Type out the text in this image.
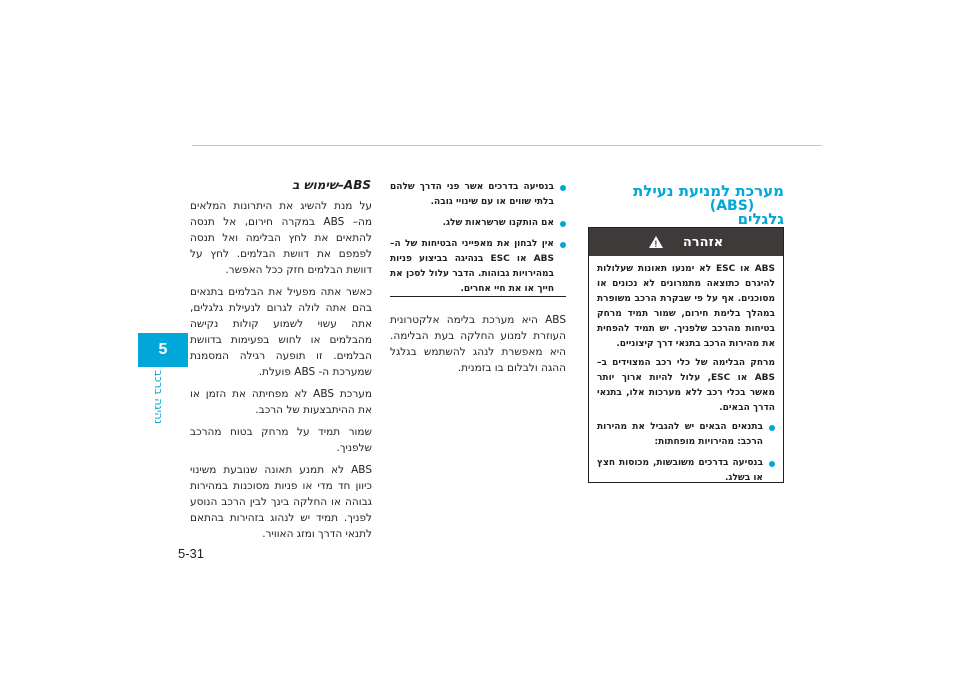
5
נהיגה ברכב
5-31
מערכת למניעת נעילת גלגלים
(ABS)
אזהרה
!

ABS או ESC לא ימנעו תאונות שעלולות להיגרם כתוצאה מתמרונים לא נכונים או מסוכנים. אף על פי שבקרת הרכב משופרת במהלך בלימת חירום, שמור תמיד מרחק בטיחות מהרכב שלפניך. יש תמיד להפחית את מהירות הרכב בתנאי דרך קיצוניים.

מרחק הבלימה של כלי רכב המצוידים ב– ABS או ESC, עלול להיות ארוך יותר מאשר בכלי רכב ללא מערכות אלו, בתנאי הדרך הבאים.

בתנאים הבאים יש להגביל את מהירות הרכב: מהירויות מופחתות:
בנסיעה בדרכים משובשות, מכוסות חצץ או בשלג.
בנסיעה בדרכים אשר פני הדרך שלהם בלתי שווים או עם שינויי גובה.
אם הותקנו שרשראות שלג.
אין לבחון את מאפייני הבטיחות של ה– ABS או ESC בנהיגה בביצוע פניות במהירויות גבוהות. הדבר עלול לסכן את חייך או את חיי אחרים.

ABS היא מערכת בלימה אלקטרונית העוזרת למנוע החלקה בעת הבלימה. היא מאפשרת לנהג להשתמש בגלגל ההגה ולבלום בו בזמנית.

שימוש ב–ABS

על מנת להשיג את היתרונות המלאים מה– ABS במקרה חירום, אל תנסה להתאים את לחץ הבלימה ואל תנסה לפמפם את דוושת הבלמים. לחץ על דוושת הבלמים חזק ככל האפשר.

כאשר אתה מפעיל את הבלמים בתנאים בהם אתה לולה לגרום לנעילת גלגלים, אתה עשוי לשמוע קולות נקישה מהבלמים או לחוש בפעימות בדוושת הבלמים. זו תופעה רגילה המסמנת שמערכת ה- ABS פועלת.

מערכת ABS לא מפחיתה את הזמן או את ההיתבצעות של הרכב.

שמור תמיד על מרחק בטוח מהרכב שלפניך.

ABS לא תמנע תאונה שנובעת משינוי כיוון חד מדי או פניות מסוכנות במהירות גבוהה או החלקה בינך לבין הרכב הנוסע לפניך. תמיד יש לנהוג בזהירות בהתאם לתנאי הדרך ומזג האוויר.
